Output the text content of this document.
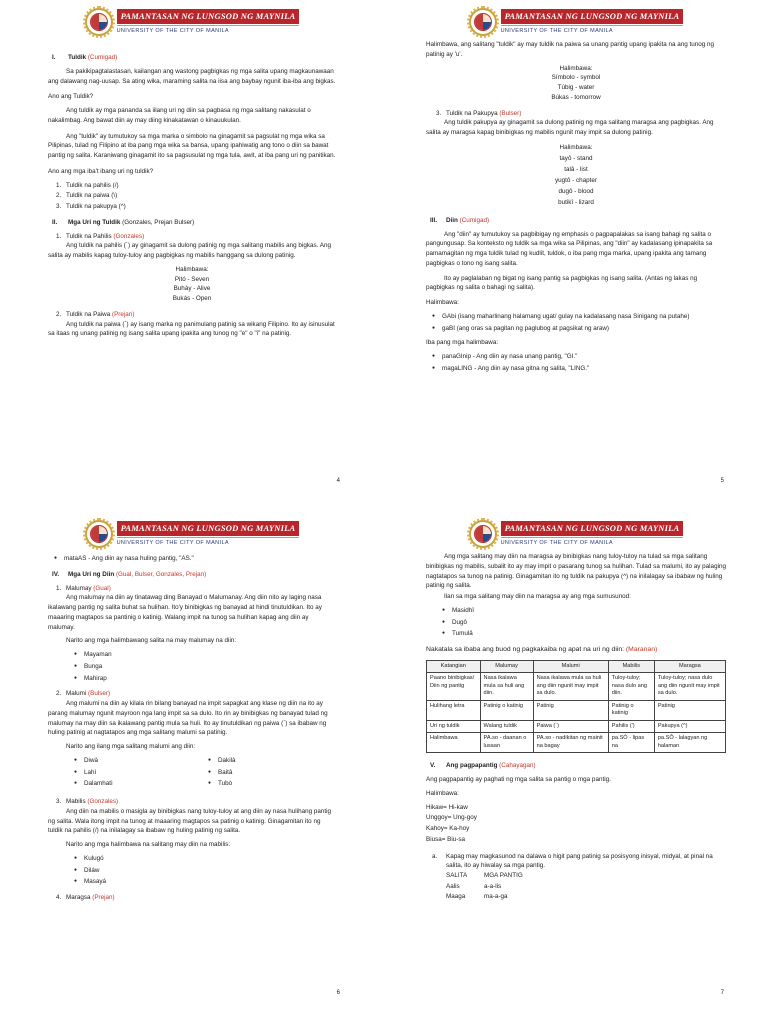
PAMANTASAN NG LUNGSOD NG MAYNILA
UNIVERSITY OF THE CITY OF MANILA
I. Tuldik (Cumigad)

Sa pakikipagtalastasan, kailangan ang wastong pagbigkas ng mga salita upang magkaunawaan ang dalawang nag-uusap. Sa ating wika, maraming salita na iisa ang baybay ngunit iba-iba ang bigkas.

Ano ang Tuldik?

Ang tuldik ay mga pananda sa iilang uri ng diin sa pagbasa ng mga salitang nakasulat o nakalimbag. Ang bawat diin ay may diing kinakatawan o kinauukulan.

Ang "tuldik" ay tumutukoy sa mga marka o simbolo na ginagamit sa pagsulat ng mga wika sa Pilipinas, tulad ng Filipino at iba pang mga wika sa bansa, upang ipahiwatig ang tono o diin sa bawat pantig ng salita. Karaniwang ginagamit ito sa pagsusulat ng mga tula, awit, at iba pang uri ng panitikan.

Ano ang mga iba't ibang uri ng tuldik?

1. Tuldik na pahilis (/)
2. Tuldik na paiwa (\)
3. Tuldik na pakupya (^)
II. Mga Uri ng Tuldik (Gonzales, Prejan Bulser)
1. Tuldik na Pahilis (Gonzales)

Ang tuldik na pahilis (´) ay ginagamit sa dulong patinig ng mga salitang mabilis ang bigkas. Ang salita ay mabilis kapag tuloy-tuloy ang pagbigkas ng mabilis hanggang sa dulong patinig.

Halimbawa:
Pitó - Seven
Buhày - Alive
Bukás - Open
2. Tuldik na Paiwa (Prejan)

Ang tuldik na paiwa (`) ay isang marka ng panimulang patinig sa wikang Filipino. Ito ay isinusulat sa itaas ng unang patinig ng isang salita upang ipakita ang tunog ng "e" o "i" na patinig.

4
PAMANTASAN NG LUNGSOD NG MAYNILA
UNIVERSITY OF THE CITY OF MANILA

Halimbawa, ang salitang "tuldik" ay may tuldik na paiwa sa unang pantig upang ipakita na ang tunog ng patinig ay 'u'.

Halimbawa:
Símbolo - symbol
Túbig - water
Búkas - tomorrow
3. Tuldik na Pakupya (Bulser)

Ang tuldik pakupya ay ginagamit sa dulong patinig ng mga salitang maragsa ang pagbigkas. Ang salita ay maragsa kapag binibigkas ng mabilis ngunit may impit sa dulong patinig.

Halimbawa:
tayô - stand
talâ - list
yugtô - chapter
dugô - blood
butikî - lizard
III. Diin (Cumigad)

Ang "diin" ay tumutukoy sa pagbibigay ng emphasis o pagpapalakas sa isang bahagi ng salita o pangungusap. Sa konteksto ng tuldik sa mga wika sa Pilipinas, ang "diin" ay kadalasang ipinapakita sa pamamagitan ng mga tuldik tulad ng kudlit, tuldok, o iba pang mga marka, upang ipakita ang tamang pagbigkas o tono ng isang salita.

Ito ay paglalaban ng bigat ng isang pantig sa pagbigkas ng isang salita. (Antas ng lakas ng pagbigkas ng salita o bahagi ng salita).

Halimbawa:

● GAbi (isang maharlinang halamang ugat/ gulay na kadalasang nasa Sinigang na putahe)
● gaBI (ang oras sa pagitan ng paglubog at pagsikat ng araw)

Iba pang mga halimbawa:

● panaGInip - Ang diin ay nasa unang pantig, "GI."
● magaLING - Ang diin ay nasa gitna ng salita, "LING."
5
PAMANTASAN NG LUNGSOD NG MAYNILA
UNIVERSITY OF THE CITY OF MANILA
● mataAS - Ang diin ay nasa huling pantig, "AS."
IV. Mga Uri ng Diin (Gual, Bulser, Gonzales, Prejan)
1. Malumay (Gual)

Ang malumay na diin ay tinatawag ding Banayad o Malumanay. Ang diin nito ay laging nasa ikalawang pantig ng salita buhat sa hulihan. Ito'y binibigkas ng banayad at hindi tinutuldikan. Ito ay maaaring magtapos sa pantinig o katinig. Walang impit na tunog sa hulihan kapag ang diin ay malumay.

Narito ang mga halimbawang salita na may malumay na diin:

● Mayaman
● Bunga
● Mahirap
2. Malumi (Bulser)

Ang malumi na diin ay kilala rin bilang banayad na impit sapagkat ang klase ng diin na ito ay parang malumay ngunit mayroon nga lang impit sa sa dulo. Ito rin ay binibigkas ng banayad tulad ng malumay na may diin sa ikalawang pantig mula sa huli. Ito ay tinutuldikan ng paiwa (`) sa ibabaw ng huling patinig at nagtatapos ang mga salitang malumi sa patinig.

Narito ang ilang mga salitang malumi ang diin:

● Diwà
● Lahì
● Dalamhatì
● Dakilà
● Baitâ
● Tubò
3. Mabilis (Gonzales)

Ang diin na mabilis o masigla ay binibigkas nang tuloy-tuloy at ang diin ay nasa hulihang pantig ng salita. Wala itong impit na tunog at maaaring magtapos sa patinig o katinig. Ginagamitan ito ng tuldik na pahilis (/) na inilalagay sa ibabaw ng huling patinig ng salita.

Narito ang mga halimbawa na salitang may diin na mabilis:

● Kulugó
● Diláw
● Masayá
4. Maragsa (Prejan)
6
PAMANTASAN NG LUNGSOD NG MAYNILA
UNIVERSITY OF THE CITY OF MANILA

Ang mga salitang may diin na maragsa ay binibigkas nang tuloy-tuloy na tulad sa mga salitang binibigkas ng mabilis, subalit ito ay may impit o pasarang tunog sa hulihan. Tulad sa malumi, ito ay palaging nagtatapos sa tunog na patinig. Ginagamitan ito ng tuldik na pakupya (^) na inilalagay sa ibabaw ng huling patinig ng salita.

Ilan sa mga salitang may diin na maragsa ay ang mga sumusunod:

● Masidhî
● Dugô
● Tumulâ

Nakatala sa ibaba ang buod ng pagkakaiba ng apat na uri ng diin: (Maranan)

Katangian	Malumay	Malumi	Mabilis	Maragsa
Paano binibigkas/ Diin ng pantig	Nasa ikalawa mula sa huli ang diin.	Nasa ikalawa mula sa huli ang diin ngunit may impit sa dulo.	Tuloy-tuloy; nasa dulo ang diin.	Tuloy-tuloy; nasa dulo ang diin ngunit may impit sa dulo.
Hulihang letra	Patinig o katinig	Patinig	Patinig o katinig	Patinig
Uri ng tuldik	Walang tuldik	Paiwa (`)	Pahilis (')	Pakupya (^)
Halimbawa	PA.so - daanan o lusaan	PA.so - nadikitan ng mainit na bagay	pa.SÓ - lipas na	pa.SÔ - lalagyan ng halaman
V. Ang pagpapantig (Cahayagan)

Ang pagpapantig ay paghati ng mga salita sa pantig o mga pantig.

Halimbawa:

Hikaw= Hi-kaw
Unggoy= Ung-goy
Kahoy= Ka-hoy
Biusa= Biu-sa
a. Kapag may magkasunod na dalawa o higit pang patinig sa posisyong inisyal, midyal, at pinal na salita, ito ay hiwalay sa mga pantig.
SALITA	MGA PANTIG
Aalis	a-a-lis
Maaga	ma-a-ga
7
